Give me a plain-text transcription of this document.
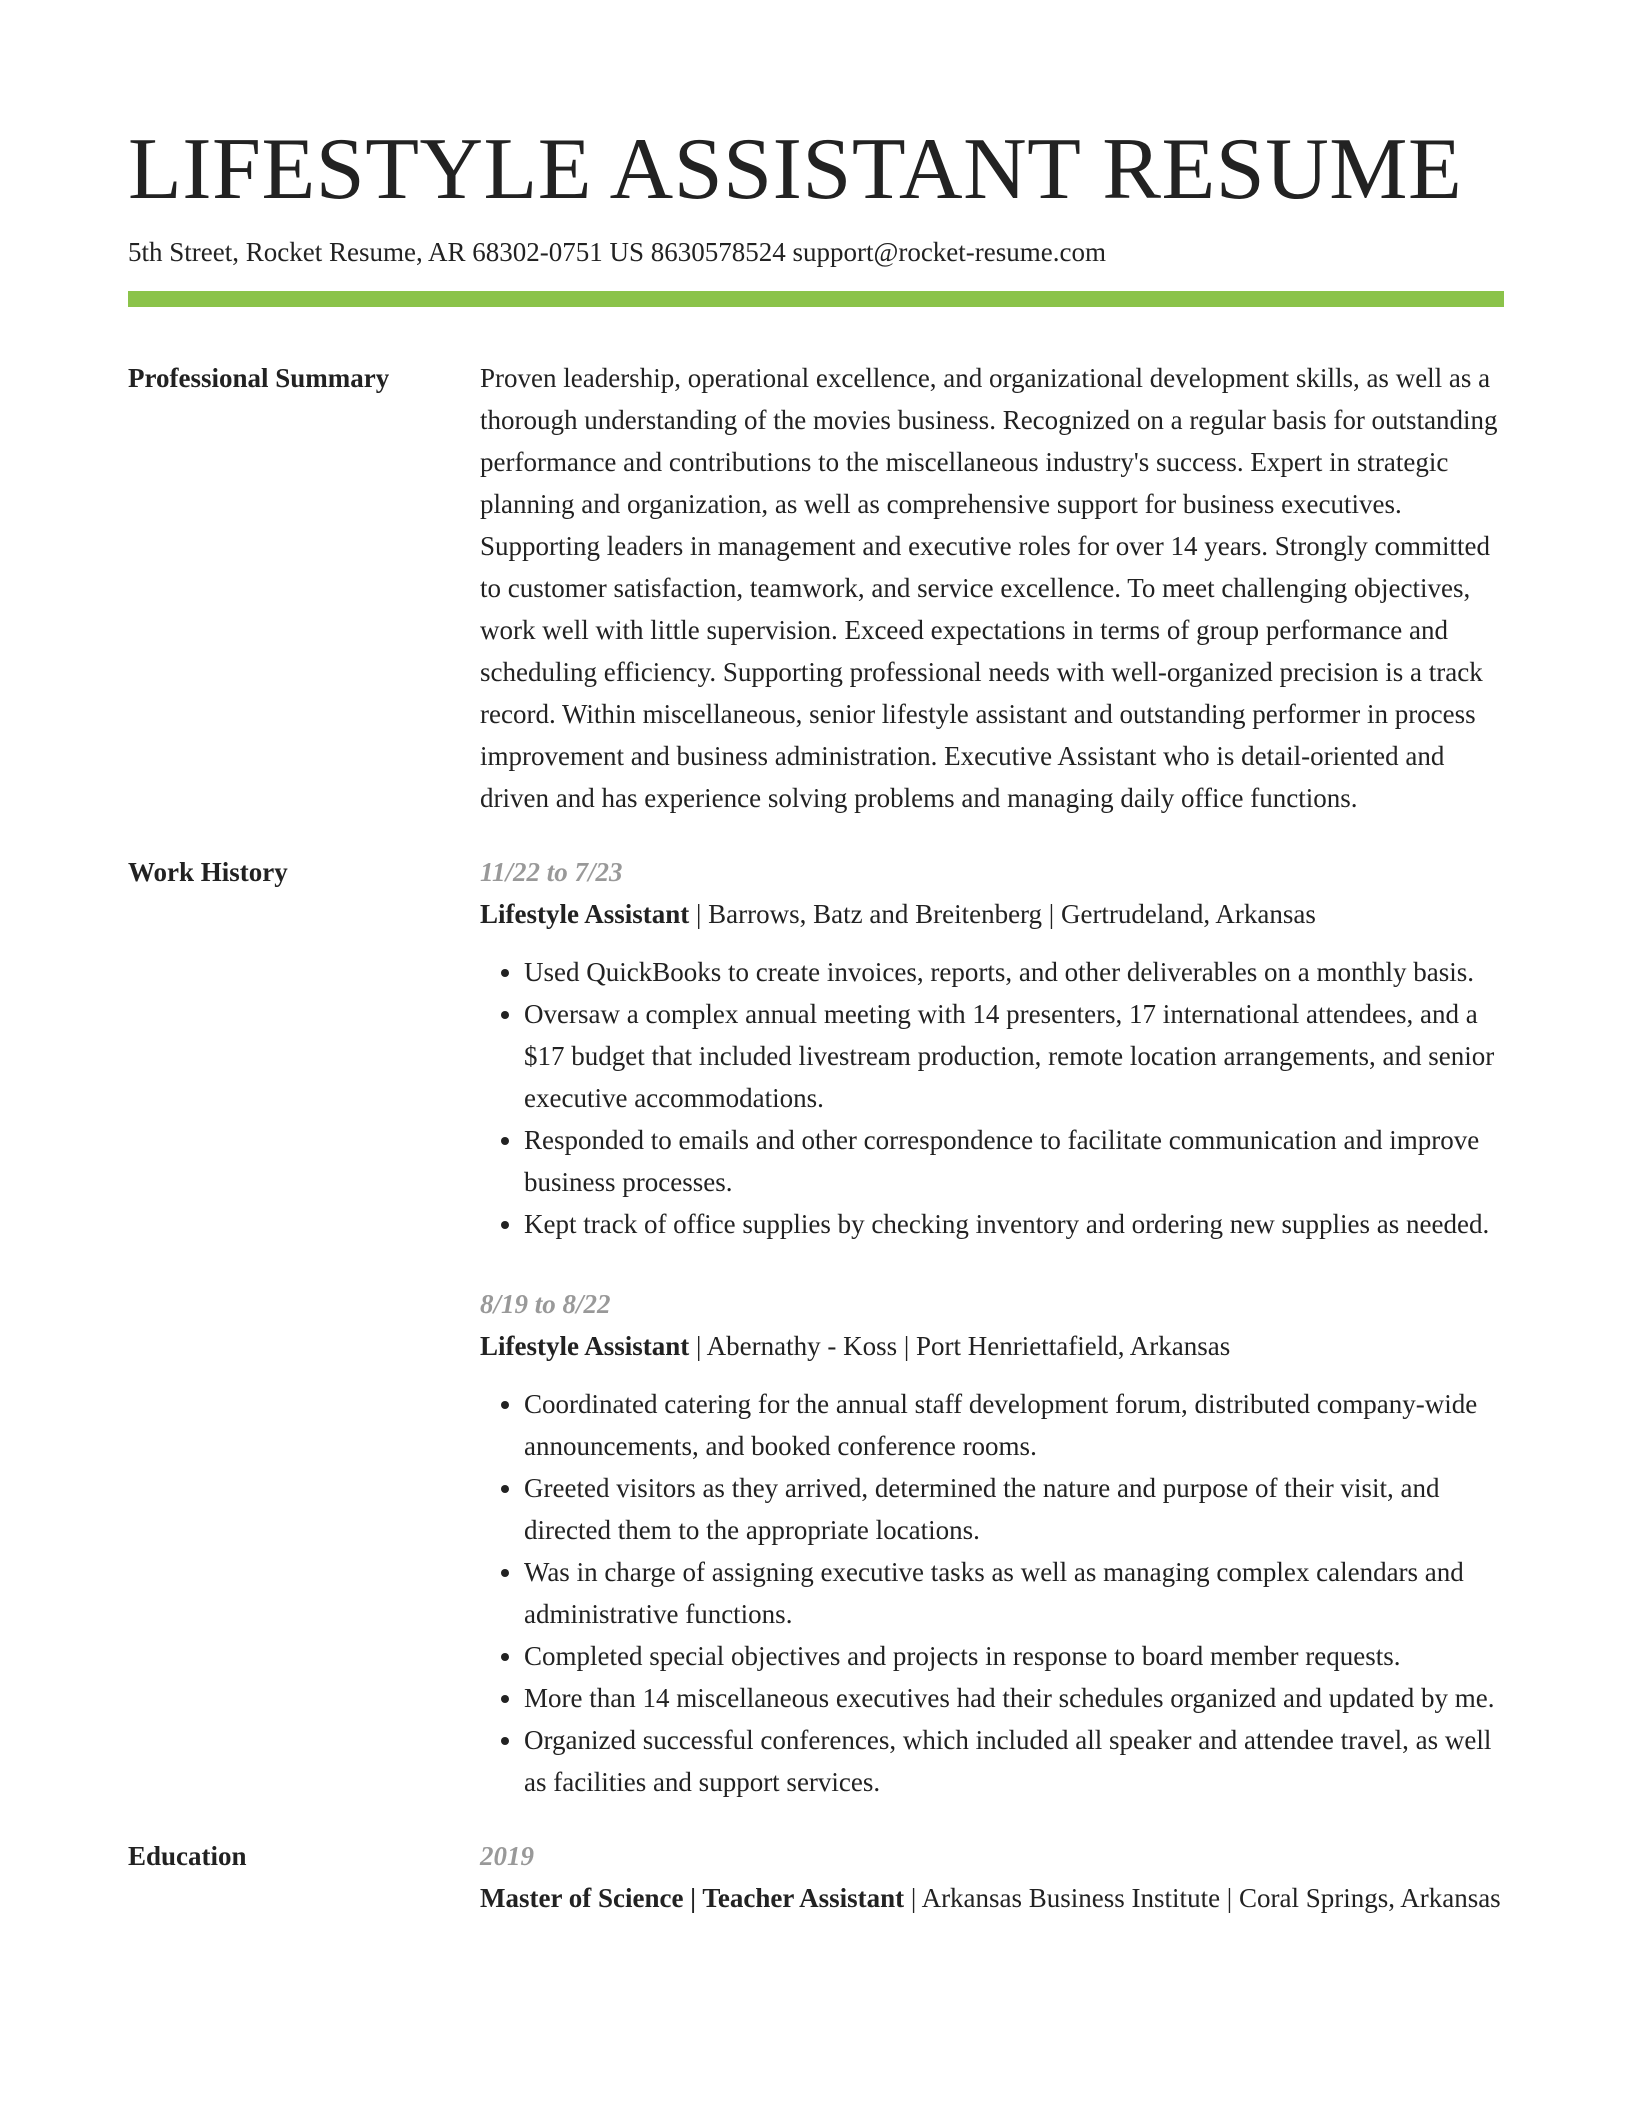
LIFESTYLE ASSISTANT RESUME
5th Street, Rocket Resume, AR 68302-0751 US 8630578524 support@rocket-resume.com
Professional Summary	Proven leadership, operational excellence, and organizational development skills, as well as a thorough understanding of the movies business. Recognized on a regular basis for outstanding performance and contributions to the miscellaneous industry's success. Expert in strategic planning and organization, as well as comprehensive support for business executives. Supporting leaders in management and executive roles for over 14 years. Strongly committed to customer satisfaction, teamwork, and service excellence. To meet challenging objectives, work well with little supervision. Exceed expectations in terms of group performance and scheduling efficiency. Supporting professional needs with well-organized precision is a track record. Within miscellaneous, senior lifestyle assistant and outstanding performer in process improvement and business administration. Executive Assistant who is detail-oriented and driven and has experience solving problems and managing daily office functions.

Work History	11/22 to 7/23
Lifestyle Assistant | Barrows, Batz and Breitenberg | Gertrudeland, Arkansas
• Used QuickBooks to create invoices, reports, and other deliverables on a monthly basis.
• Oversaw a complex annual meeting with 14 presenters, 17 international attendees, and a $17 budget that included livestream production, remote location arrangements, and senior executive accommodations.
• Responded to emails and other correspondence to facilitate communication and improve business processes.
• Kept track of office supplies by checking inventory and ordering new supplies as needed.
8/19 to 8/22
Lifestyle Assistant | Abernathy - Koss | Port Henriettafield, Arkansas
• Coordinated catering for the annual staff development forum, distributed company-wide announcements, and booked conference rooms.
• Greeted visitors as they arrived, determined the nature and purpose of their visit, and directed them to the appropriate locations.
• Was in charge of assigning executive tasks as well as managing complex calendars and administrative functions.
• Completed special objectives and projects in response to board member requests.
• More than 14 miscellaneous executives had their schedules organized and updated by me.
• Organized successful conferences, which included all speaker and attendee travel, as well as facilities and support services.
Education	2019
Master of Science | Teacher Assistant | Arkansas Business Institute | Coral Springs, Arkansas
